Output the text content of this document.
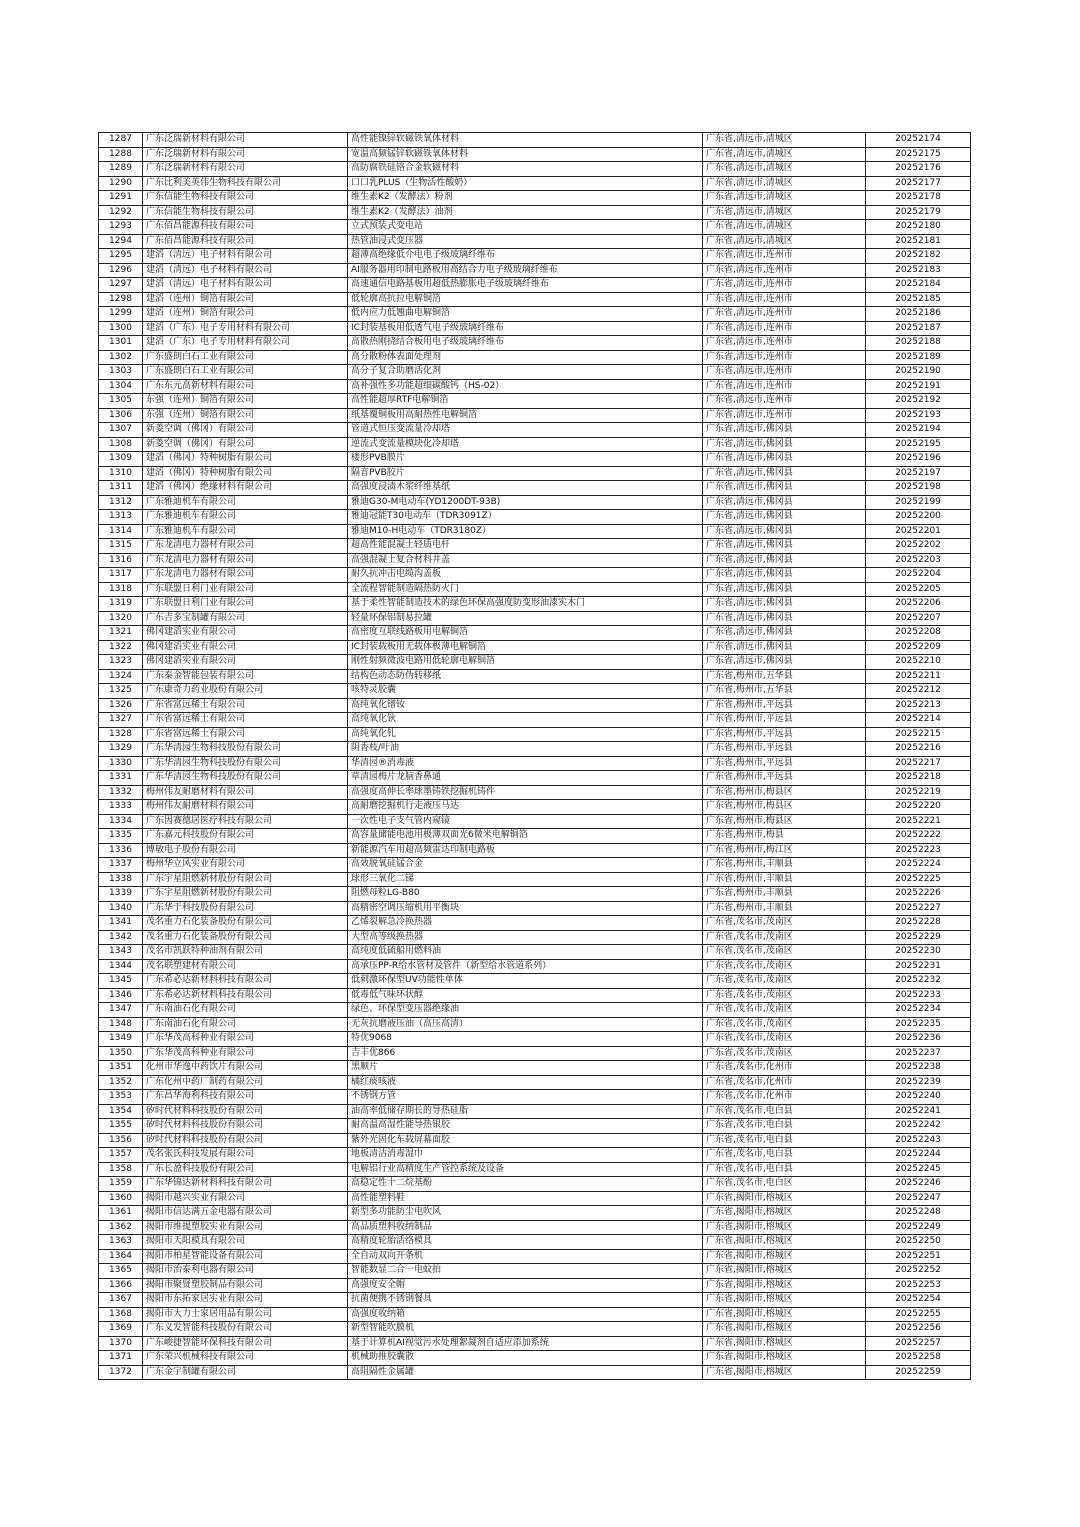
1287	广东泛瑞新材料有限公司	高性能镍锌软磁铁氧体材料	广东省,清远市,清城区	20252174
1288	广东泛瑞新材料有限公司	宽温高频锰锌软磁铁氧体材料	广东省,清远市,清城区	20252175
1289	广东泛瑞新材料有限公司	高防腐铁硅铬合金软磁材料	广东省,清远市,清城区	20252176
1290	广东比利美英伟生物科技有限公司	口口乳PLUS（生物活性酸奶）	广东省,清远市,清城区	20252177
1291	广东信能生物科技有限公司	维生素K2（发酵法）粉剂	广东省,清远市,清城区	20252178
1292	广东信能生物科技有限公司	维生素K2（发酵法）油剂	广东省,清远市,清城区	20252179
1293	广东佰昌能源科技有限公司	立式预装式变电站	广东省,清远市,清城区	20252180
1294	广东佰昌能源科技有限公司	热管油浸式变压器	广东省,清远市,清城区	20252181
1295	建滔（清远）电子材料有限公司	超薄高绝缘低介电电子级玻璃纤维布	广东省,清远市,连州市	20252182
1296	建滔（清远）电子材料有限公司	AI服务器用印制电路板用高结合力电子级玻璃纤维布	广东省,清远市,连州市	20252183
1297	建滔（清远）电子材料有限公司	高速通信电路基板用超低热膨胀电子级玻璃纤维布	广东省,清远市,连州市	20252184
1298	建滔（连州）铜箔有限公司	低轮廓高抗拉电解铜箔	广东省,清远市,连州市	20252185
1299	建滔（连州）铜箔有限公司	低内应力低翘曲电解铜箔	广东省,清远市,连州市	20252186
1300	建滔（广东）电子专用材料有限公司	IC封装基板用低透气电子级玻璃纤维布	广东省,清远市,连州市	20252187
1301	建滔（广东）电子专用材料有限公司	高散热刚挠结合板用电子级玻璃纤维布	广东省,清远市,连州市	20252188
1302	广东盛朗白石工业有限公司	高分散粉体表面处理剂	广东省,清远市,连州市	20252189
1303	广东盛朗白石工业有限公司	高分子复合助磨活化剂	广东省,清远市,连州市	20252190
1304	广东东元高新材料有限公司	高补强性多功能超细碳酸钙（HS-02）	广东省,清远市,连州市	20252191
1305	东强（连州）铜箔有限公司	高性能超厚RTF电解铜箔	广东省,清远市,连州市	20252192
1306	东强（连州）铜箔有限公司	纸基覆铜板用高耐热性电解铜箔	广东省,清远市,连州市	20252193
1307	新菱空调（佛冈）有限公司	管道式恒压变流量冷却塔	广东省,清远市,佛冈县	20252194
1308	新菱空调（佛冈）有限公司	逆流式变流量模块化冷却塔	广东省,清远市,佛冈县	20252195
1309	建滔（佛冈）特种树脂有限公司	楼形PVB膜片	广东省,清远市,佛冈县	20252196
1310	建滔（佛冈）特种树脂有限公司	隔音PVB胶片	广东省,清远市,佛冈县	20252197
1311	建滔（佛冈）绝缘材料有限公司	高强度浸渍木浆纤维基纸	广东省,清远市,佛冈县	20252198
1312	广东雅迪机车有限公司	雅迪G30-M电动车(YD1200DT-93B)	广东省,清远市,佛冈县	20252199
1313	广东雅迪机车有限公司	雅迪冠能T30电动车（TDR3091Z）	广东省,清远市,佛冈县	20252200
1314	广东雅迪机车有限公司	雅迪M10-H电动车（TDR3180Z）	广东省,清远市,佛冈县	20252201
1315	广东龙清电力器材有限公司	超高性能混凝土轻质电杆	广东省,清远市,佛冈县	20252202
1316	广东龙清电力器材有限公司	高强混凝土复合材料井盖	广东省,清远市,佛冈县	20252203
1317	广东龙清电力器材有限公司	耐久抗冲击电缆沟盖板	广东省,清远市,佛冈县	20252204
1318	广东联盟日利门业有限公司	全流程智能制造隔热防火门	广东省,清远市,佛冈县	20252205
1319	广东联盟日利门业有限公司	基于柔性智能制造技术的绿色环保高强度防变形油漆实木门	广东省,清远市,佛冈县	20252206
1320	广东吉多宝制罐有限公司	轻量环保铝制易拉罐	广东省,清远市,佛冈县	20252207
1321	佛冈建滔实业有限公司	高密度互联线路板用电解铜箔	广东省,清远市,佛冈县	20252208
1322	佛冈建滔实业有限公司	IC封装载板用无载体极薄电解铜箔	广东省,清远市,佛冈县	20252209
1323	佛冈建滔实业有限公司	刚性射频微波电路用低轮廓电解铜箔	广东省,清远市,佛冈县	20252210
1324	广东泰金智能包装有限公司	结构色动态防伪转移纸	广东省,梅州市,五华县	20252211
1325	广东康奇力药业股份有限公司	咳特灵胶囊	广东省,梅州市,五华县	20252212
1326	广东省富远稀土有限公司	高纯氧化镨钕	广东省,梅州市,平远县	20252213
1327	广东省富远稀土有限公司	高纯氧化钬	广东省,梅州市,平远县	20252214
1328	广东省富远稀土有限公司	高纯氧化钆	广东省,梅州市,平远县	20252215
1329	广东华清园生物科技股份有限公司	阴香枝/叶油	广东省,梅州市,平远县	20252216
1330	广东华清园生物科技股份有限公司	华清园®消毒液	广东省,梅州市,平远县	20252217
1331	广东华清园生物科技股份有限公司	草清园梅片龙脑香鼻通	广东省,梅州市,平远县	20252218
1332	梅州伟友耐磨材料有限公司	高强度高伸长率球墨铸铁挖掘机铸件	广东省,梅州市,梅县区	20252219
1333	梅州伟友耐磨材料有限公司	高耐磨挖掘机行走液压马达	广东省,梅州市,梅县区	20252220
1334	广东因赛德居医疗科技有限公司	一次性电子支气管内窥镜	广东省,梅州市,梅县区	20252221
1335	广东嘉元科技股份有限公司	高容量储能电池用极薄双面光6微米电解铜箔	广东省,梅州市,梅县	20252222
1336	博敏电子股份有限公司	新能源汽车用超高频雷达印制电路板	广东省,梅州市,梅江区	20252223
1337	梅州华立风实业有限公司	高效脱氧硅锰合金	广东省,梅州市,丰顺县	20252224
1338	广东宇星阻燃新材股份有限公司	球形三氧化二锑	广东省,梅州市,丰顺县	20252225
1339	广东宇星阻燃新材股份有限公司	阻燃母粒LG-B80	广东省,梅州市,丰顺县	20252226
1340	广东华于科技股份有限公司	高精密空调压缩机用平衡块	广东省,梅州市,丰顺县	20252227
1341	茂名重力石化装备股份有限公司	乙烯裂解急冷换热器	广东省,茂名市,茂南区	20252228
1342	茂名重力石化装备股份有限公司	大型高等级换热器	广东省,茂名市,茂南区	20252229
1343	茂名市凯跃特种油剂有限公司	高纯度低硫船用燃料油	广东省,茂名市,茂南区	20252230
1344	茂名联塑建材有限公司	高承压PP-R给水管材及管件（新型给水管道系列）	广东省,茂名市,茂南区	20252231
1345	广东希必达新材料科技有限公司	低刺激环保型UV功能性单体	广东省,茂名市,茂南区	20252232
1346	广东希必达新材料科技有限公司	低毒低气味环状醇	广东省,茂名市,茂南区	20252233
1347	广东南油石化有限公司	绿色、环保型变压器绝缘油	广东省,茂名市,茂南区	20252234
1348	广东南油石化有限公司	无灰抗磨液压油（高压高清）	广东省,茂名市,茂南区	20252235
1349	广东华茂高科种业有限公司	特优9068	广东省,茂名市,茂南区	20252236
1350	广东华茂高科种业有限公司	吉丰优866	广东省,茂名市,茂南区	20252237
1351	化州市华逸中药饮片有限公司	黑顺片	广东省,茂名市,化州市	20252238
1352	广东化州中药厂制药有限公司	橘红痰咳液	广东省,茂名市,化州市	20252239
1353	广东昌华海利科技有限公司	不锈钢方管	广东省,茂名市,化州市	20252240
1354	矽时代材料科技股份有限公司	油高率低储存期长的导热硅脂	广东省,茂名市,电白县	20252241
1355	矽时代材料科技股份有限公司	耐高温高湿性能导热银胶	广东省,茂名市,电白县	20252242
1356	矽时代材料科技股份有限公司	紫外光固化车载屏幕面胶	广东省,茂名市,电白县	20252243
1357	茂名张氏科技发展有限公司	地板清洁消毒湿巾	广东省,茂名市,电白县	20252244
1358	广东长盈科技股份有限公司	电解铝行业高精度生产管控系统及设备	广东省,茂名市,电白县	20252245
1359	广东华锦达新材料科技有限公司	高稳定性十二烷基酚	广东省,茂名市,电白区	20252246
1360	揭阳市越兴实业有限公司	高性能塑料鞋	广东省,揭阳市,榕城区	20252247
1361	揭阳市信达满五金电器有限公司	新型多功能防尘电吹风	广东省,揭阳市,榕城区	20252248
1362	揭阳市维提塑胶实业有限公司	高品质塑料收纳制品	广东省,揭阳市,榕城区	20252249
1363	揭阳市天阳模具有限公司	高精度轮胎活络模具	广东省,揭阳市,榕城区	20252250
1364	揭阳市柏星智能设备有限公司	全自动双向开条机	广东省,揭阳市,榕城区	20252251
1365	揭阳市治泰利电器有限公司	智能数显二合一电蚊拍	广东省,揭阳市,榕城区	20252252
1366	揭阳市聚贤塑胶制品有限公司	高强度安全帽	广东省,揭阳市,榕城区	20252253
1367	揭阳市东拓家居实业有限公司	抗菌便携不锈钢餐具	广东省,揭阳市,榕城区	20252254
1368	揭阳市大力士家居用品有限公司	高强度收纳箱	广东省,揭阳市,榕城区	20252255
1369	广东义发智能科技股份有限公司	新型智能吹膜机	广东省,揭阳市,榕城区	20252256
1370	广东峻捷智能环保科技有限公司	基于计算机AI视觉污水处理絮凝剂自适应添加系统	广东省,揭阳市,榕城区	20252257
1371	广东荣兴机械科技有限公司	机械助推胶囊散	广东省,揭阳市,榕城区	20252258
1372	广东金宇制罐有限公司	高阻隔性金属罐	广东省,揭阳市,榕城区	20252259
